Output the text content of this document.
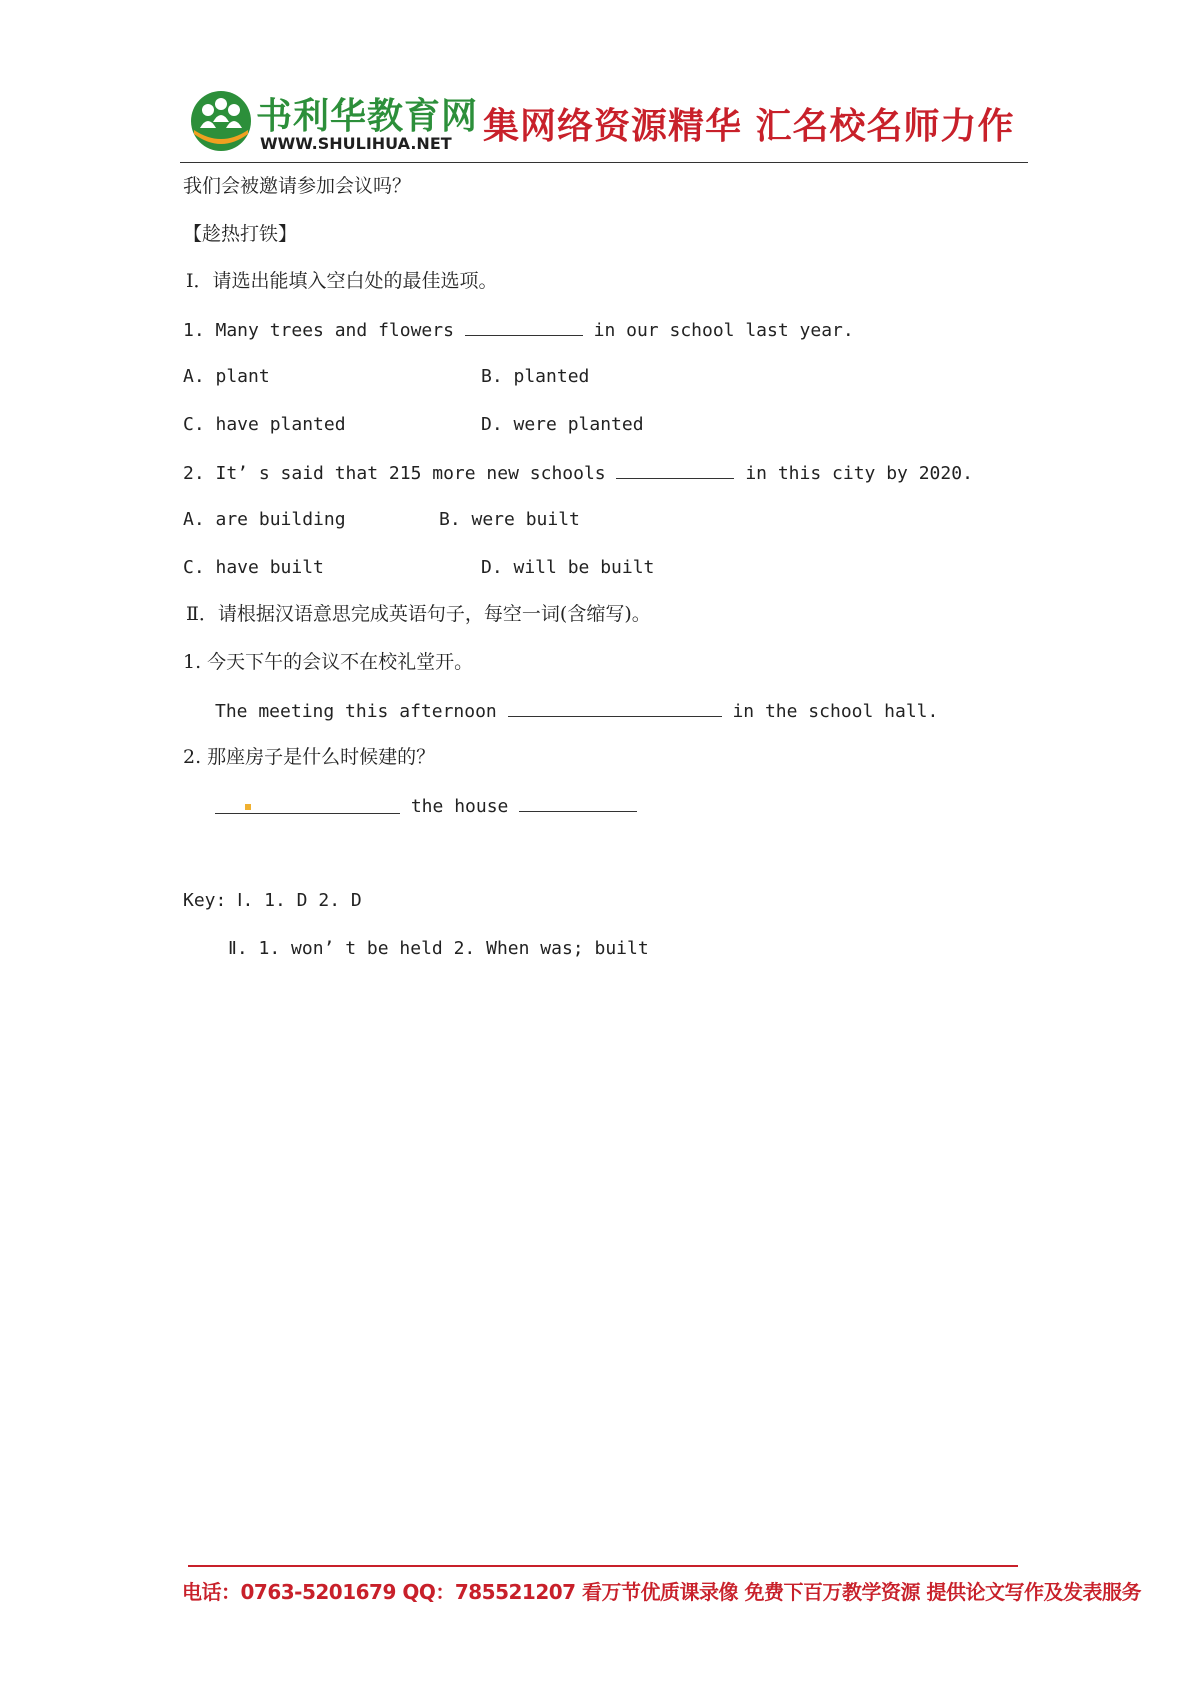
书利华教育网
WWW.SHULIHUA.NET 集网络资源精华 汇名校名师力作
我们会被邀请参加会议吗？
【趁热打铁】
Ⅰ．请选出能填入空白处的最佳选项。
1. Many trees and flowers	in our school last year.
A. plant	B. planted
C. have planted	D. were planted
2. It’ s said that 215 more new schools	in this city by 2020.
A. are building	B. were built
C. have built	D. will be built
Ⅱ．请根据汉语意思完成英语句子，每空一词(含缩写)。
1. 今天下午的会议不在校礼堂开。
The meeting this afternoon	in the school hall.
2. 那座房子是什么时候建的？
the house
Key: Ⅰ. 1. D 2. D
Ⅱ. 1. won’ t be held 2. When was; built
电话：0763-5201679 QQ：785521207 看万节优质课录像 免费下百万教学资源 提供论文写作及发表服务
